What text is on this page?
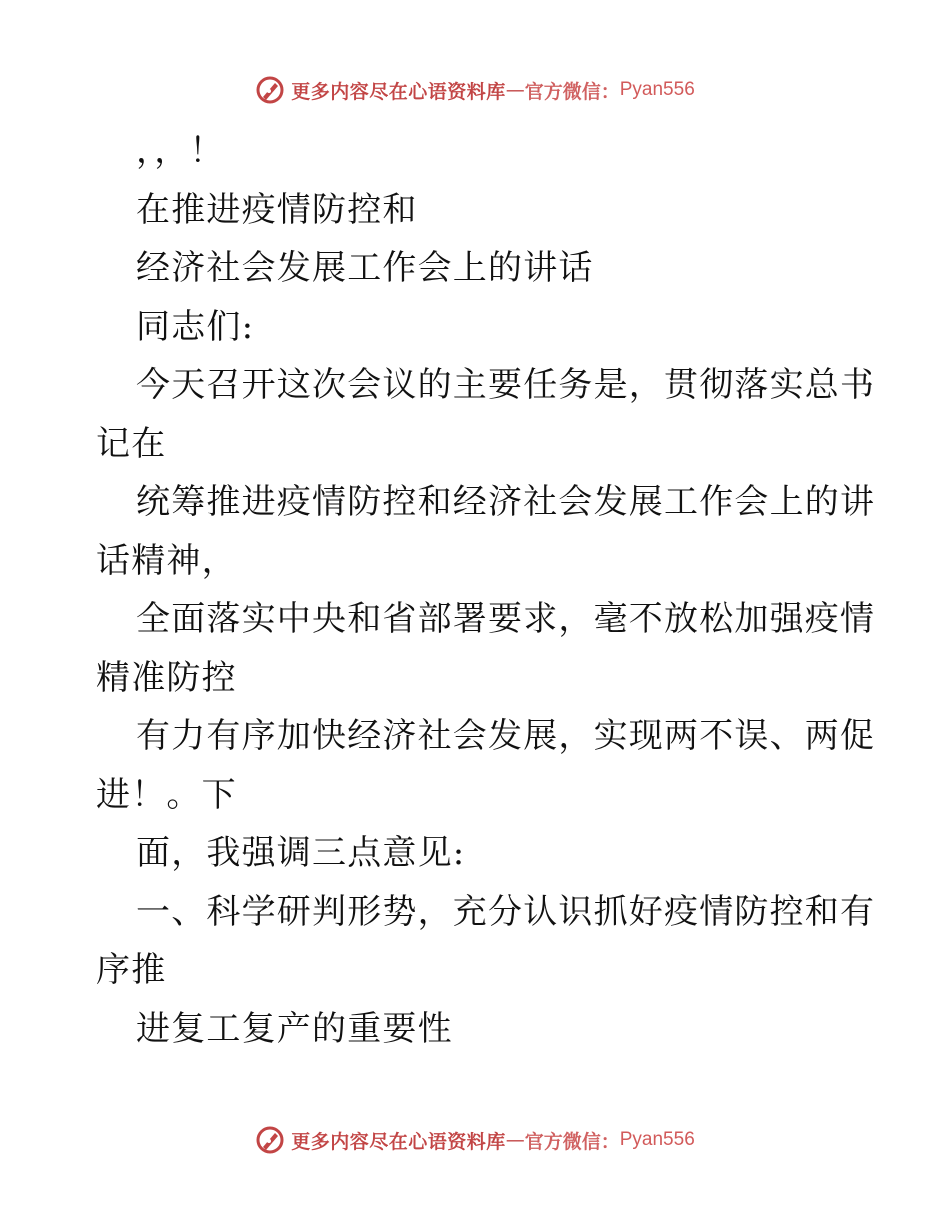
更多内容尽在心语资料库 — 官方微信： Pyan556
，，！
在推进疫情防控和
经济社会发展工作会上的讲话
同志们:
今天召开这次会议的主要任务是，贯彻落实总书
记在
统筹推进疫情防控和经济社会发展工作会上的讲
话精神，
全面落实中央和省部署要求，毫不放松加强疫情
精准防控
有力有序加快经济社会发展，实现两不误、两促
进！。下
面，我强调三点意见:
一、科学研判形势，充分认识抓好疫情防控和有
序推
进复工复产的重要性
更多内容尽在心语资料库 — 官方微信： Pyan556
